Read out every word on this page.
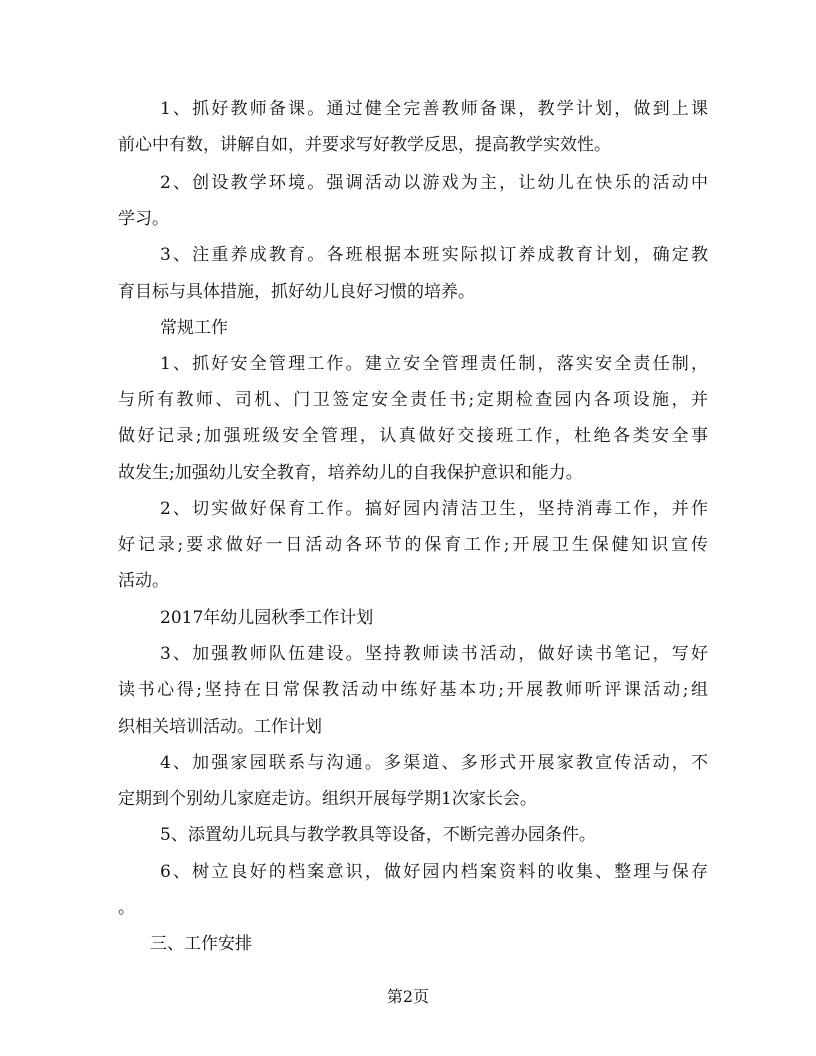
1、抓好教师备课。通过健全完善教师备课，教学计划，做到上课
前心中有数，讲解自如，并要求写好教学反思，提高教学实效性。
2、创设教学环境。强调活动以游戏为主，让幼儿在快乐的活动中
学习。
3、注重养成教育。各班根据本班实际拟订养成教育计划，确定教
育目标与具体措施，抓好幼儿良好习惯的培养。
常规工作
1、抓好安全管理工作。建立安全管理责任制，落实安全责任制，
与所有教师、司机、门卫签定安全责任书;定期检查园内各项设施，并
做好记录;加强班级安全管理，认真做好交接班工作，杜绝各类安全事
故发生;加强幼儿安全教育，培养幼儿的自我保护意识和能力。
2、切实做好保育工作。搞好园内清洁卫生，坚持消毒工作，并作
好记录;要求做好一日活动各环节的保育工作;开展卫生保健知识宣传
活动。
2017年幼儿园秋季工作计划
3、加强教师队伍建设。坚持教师读书活动，做好读书笔记，写好
读书心得;坚持在日常保教活动中练好基本功;开展教师听评课活动;组
织相关培训活动。工作计划
4、加强家园联系与沟通。多渠道、多形式开展家教宣传活动，不
定期到个别幼儿家庭走访。组织开展每学期1次家长会。
5、添置幼儿玩具与教学教具等设备，不断完善办园条件。
6、树立良好的档案意识，做好园内档案资料的收集、整理与保存
。
三、工作安排
第2页
